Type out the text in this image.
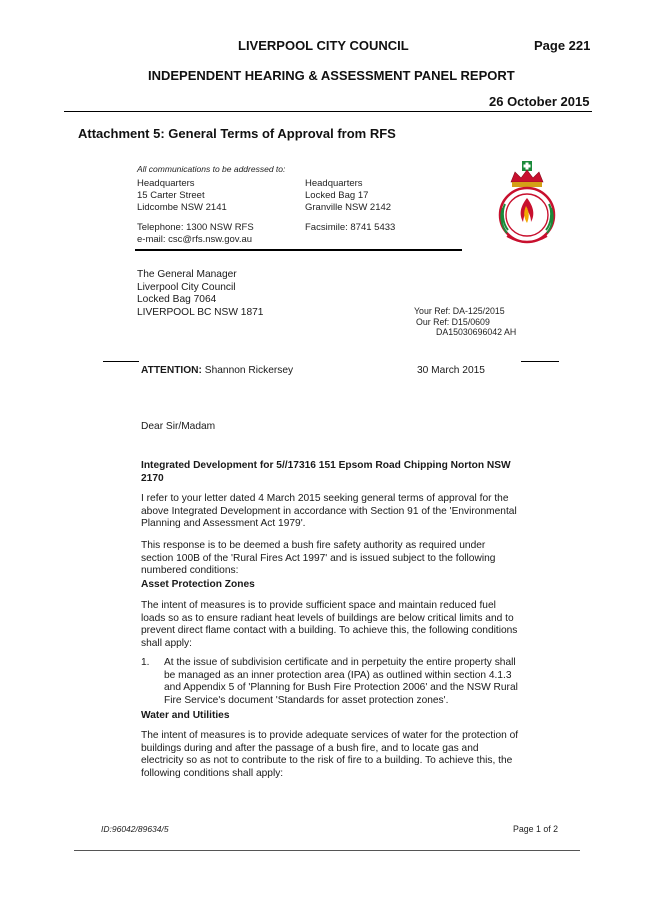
LIVERPOOL CITY COUNCIL	Page 221
INDEPENDENT HEARING & ASSESSMENT PANEL REPORT
26 October 2015
Attachment 5: General Terms of Approval from RFS
All communications to be addressed to:
Headquarters
15 Carter Street
Lidcombe NSW 2141
Headquarters
Locked Bag 17
Granville NSW 2142
Telephone: 1300 NSW RFS
e-mail: csc@rfs.nsw.gov.au
Facsimile: 8741 5433
The General Manager
Liverpool City Council
Locked Bag 7064
LIVERPOOL BC NSW 1871	Your Ref: DA-125/2015
Our Ref: D15/0609
DA15030696042 AH
ATTENTION: Shannon Rickersey	30 March 2015
Dear Sir/Madam
Integrated Development for 5//17316 151 Epsom Road Chipping Norton NSW 2170
I refer to your letter dated 4 March 2015 seeking general terms of approval for the above Integrated Development in accordance with Section 91 of the 'Environmental Planning and Assessment Act 1979'.
This response is to be deemed a bush fire safety authority as required under section 100B of the 'Rural Fires Act 1997' and is issued subject to the following numbered conditions:
Asset Protection Zones
The intent of measures is to provide sufficient space and maintain reduced fuel loads so as to ensure radiant heat levels of buildings are below critical limits and to prevent direct flame contact with a building. To achieve this, the following conditions shall apply:
1. At the issue of subdivision certificate and in perpetuity the entire property shall be managed as an inner protection area (IPA) as outlined within section 4.1.3 and Appendix 5 of 'Planning for Bush Fire Protection 2006' and the NSW Rural Fire Service's document 'Standards for asset protection zones'.
Water and Utilities
The intent of measures is to provide adequate services of water for the protection of buildings during and after the passage of a bush fire, and to locate gas and electricity so as not to contribute to the risk of fire to a building. To achieve this, the following conditions shall apply:
ID:96042/89634/5	Page 1 of 2
